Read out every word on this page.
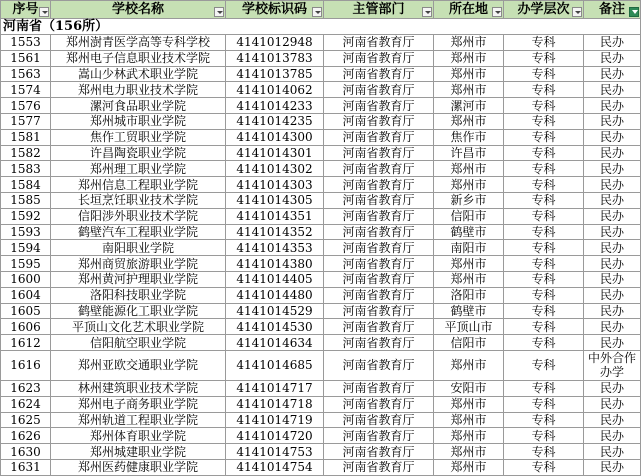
序号	学校名称	学校标识码	主管部门	所在地	办学层次	备注

河南省（156所）						
1553	郑州澍青医学高等专科学校	4141012948	河南省教育厅	郑州市	专科	民办
1561	郑州电子信息职业技术学院	4141013783	河南省教育厅	郑州市	专科	民办
1563	嵩山少林武术职业学院	4141013785	河南省教育厅	郑州市	专科	民办
1574	郑州电力职业技术学院	4141014062	河南省教育厅	郑州市	专科	民办
1576	漯河食品职业学院	4141014233	河南省教育厅	漯河市	专科	民办
1577	郑州城市职业学院	4141014235	河南省教育厅	郑州市	专科	民办
1581	焦作工贸职业学院	4141014300	河南省教育厅	焦作市	专科	民办
1582	许昌陶瓷职业学院	4141014301	河南省教育厅	许昌市	专科	民办
1583	郑州理工职业学院	4141014302	河南省教育厅	郑州市	专科	民办
1584	郑州信息工程职业学院	4141014303	河南省教育厅	郑州市	专科	民办
1585	长垣烹饪职业技术学院	4141014305	河南省教育厅	新乡市	专科	民办
1592	信阳涉外职业技术学院	4141014351	河南省教育厅	信阳市	专科	民办
1593	鹤壁汽车工程职业学院	4141014352	河南省教育厅	鹤壁市	专科	民办
1594	南阳职业学院	4141014353	河南省教育厅	南阳市	专科	民办
1595	郑州商贸旅游职业学院	4141014380	河南省教育厅	郑州市	专科	民办
1600	郑州黄河护理职业学院	4141014405	河南省教育厅	郑州市	专科	民办
1604	洛阳科技职业学院	4141014480	河南省教育厅	洛阳市	专科	民办
1605	鹤壁能源化工职业学院	4141014529	河南省教育厅	鹤壁市	专科	民办
1606	平顶山文化艺术职业学院	4141014530	河南省教育厅	平顶山市	专科	民办
1612	信阳航空职业学院	4141014634	河南省教育厅	信阳市	专科	民办
1616	郑州亚欧交通职业学院	4141014685	河南省教育厅	郑州市	专科	中外合作办学
1623	林州建筑职业技术学院	4141014717	河南省教育厅	安阳市	专科	民办
1624	郑州电子商务职业学院	4141014718	河南省教育厅	郑州市	专科	民办
1625	郑州轨道工程职业学院	4141014719	河南省教育厅	郑州市	专科	民办
1626	郑州体育职业学院	4141014720	河南省教育厅	郑州市	专科	民办
1630	郑州城建职业学院	4141014753	河南省教育厅	郑州市	专科	民办
1631	郑州医药健康职业学院	4141014754	河南省教育厅	郑州市	专科	民办
